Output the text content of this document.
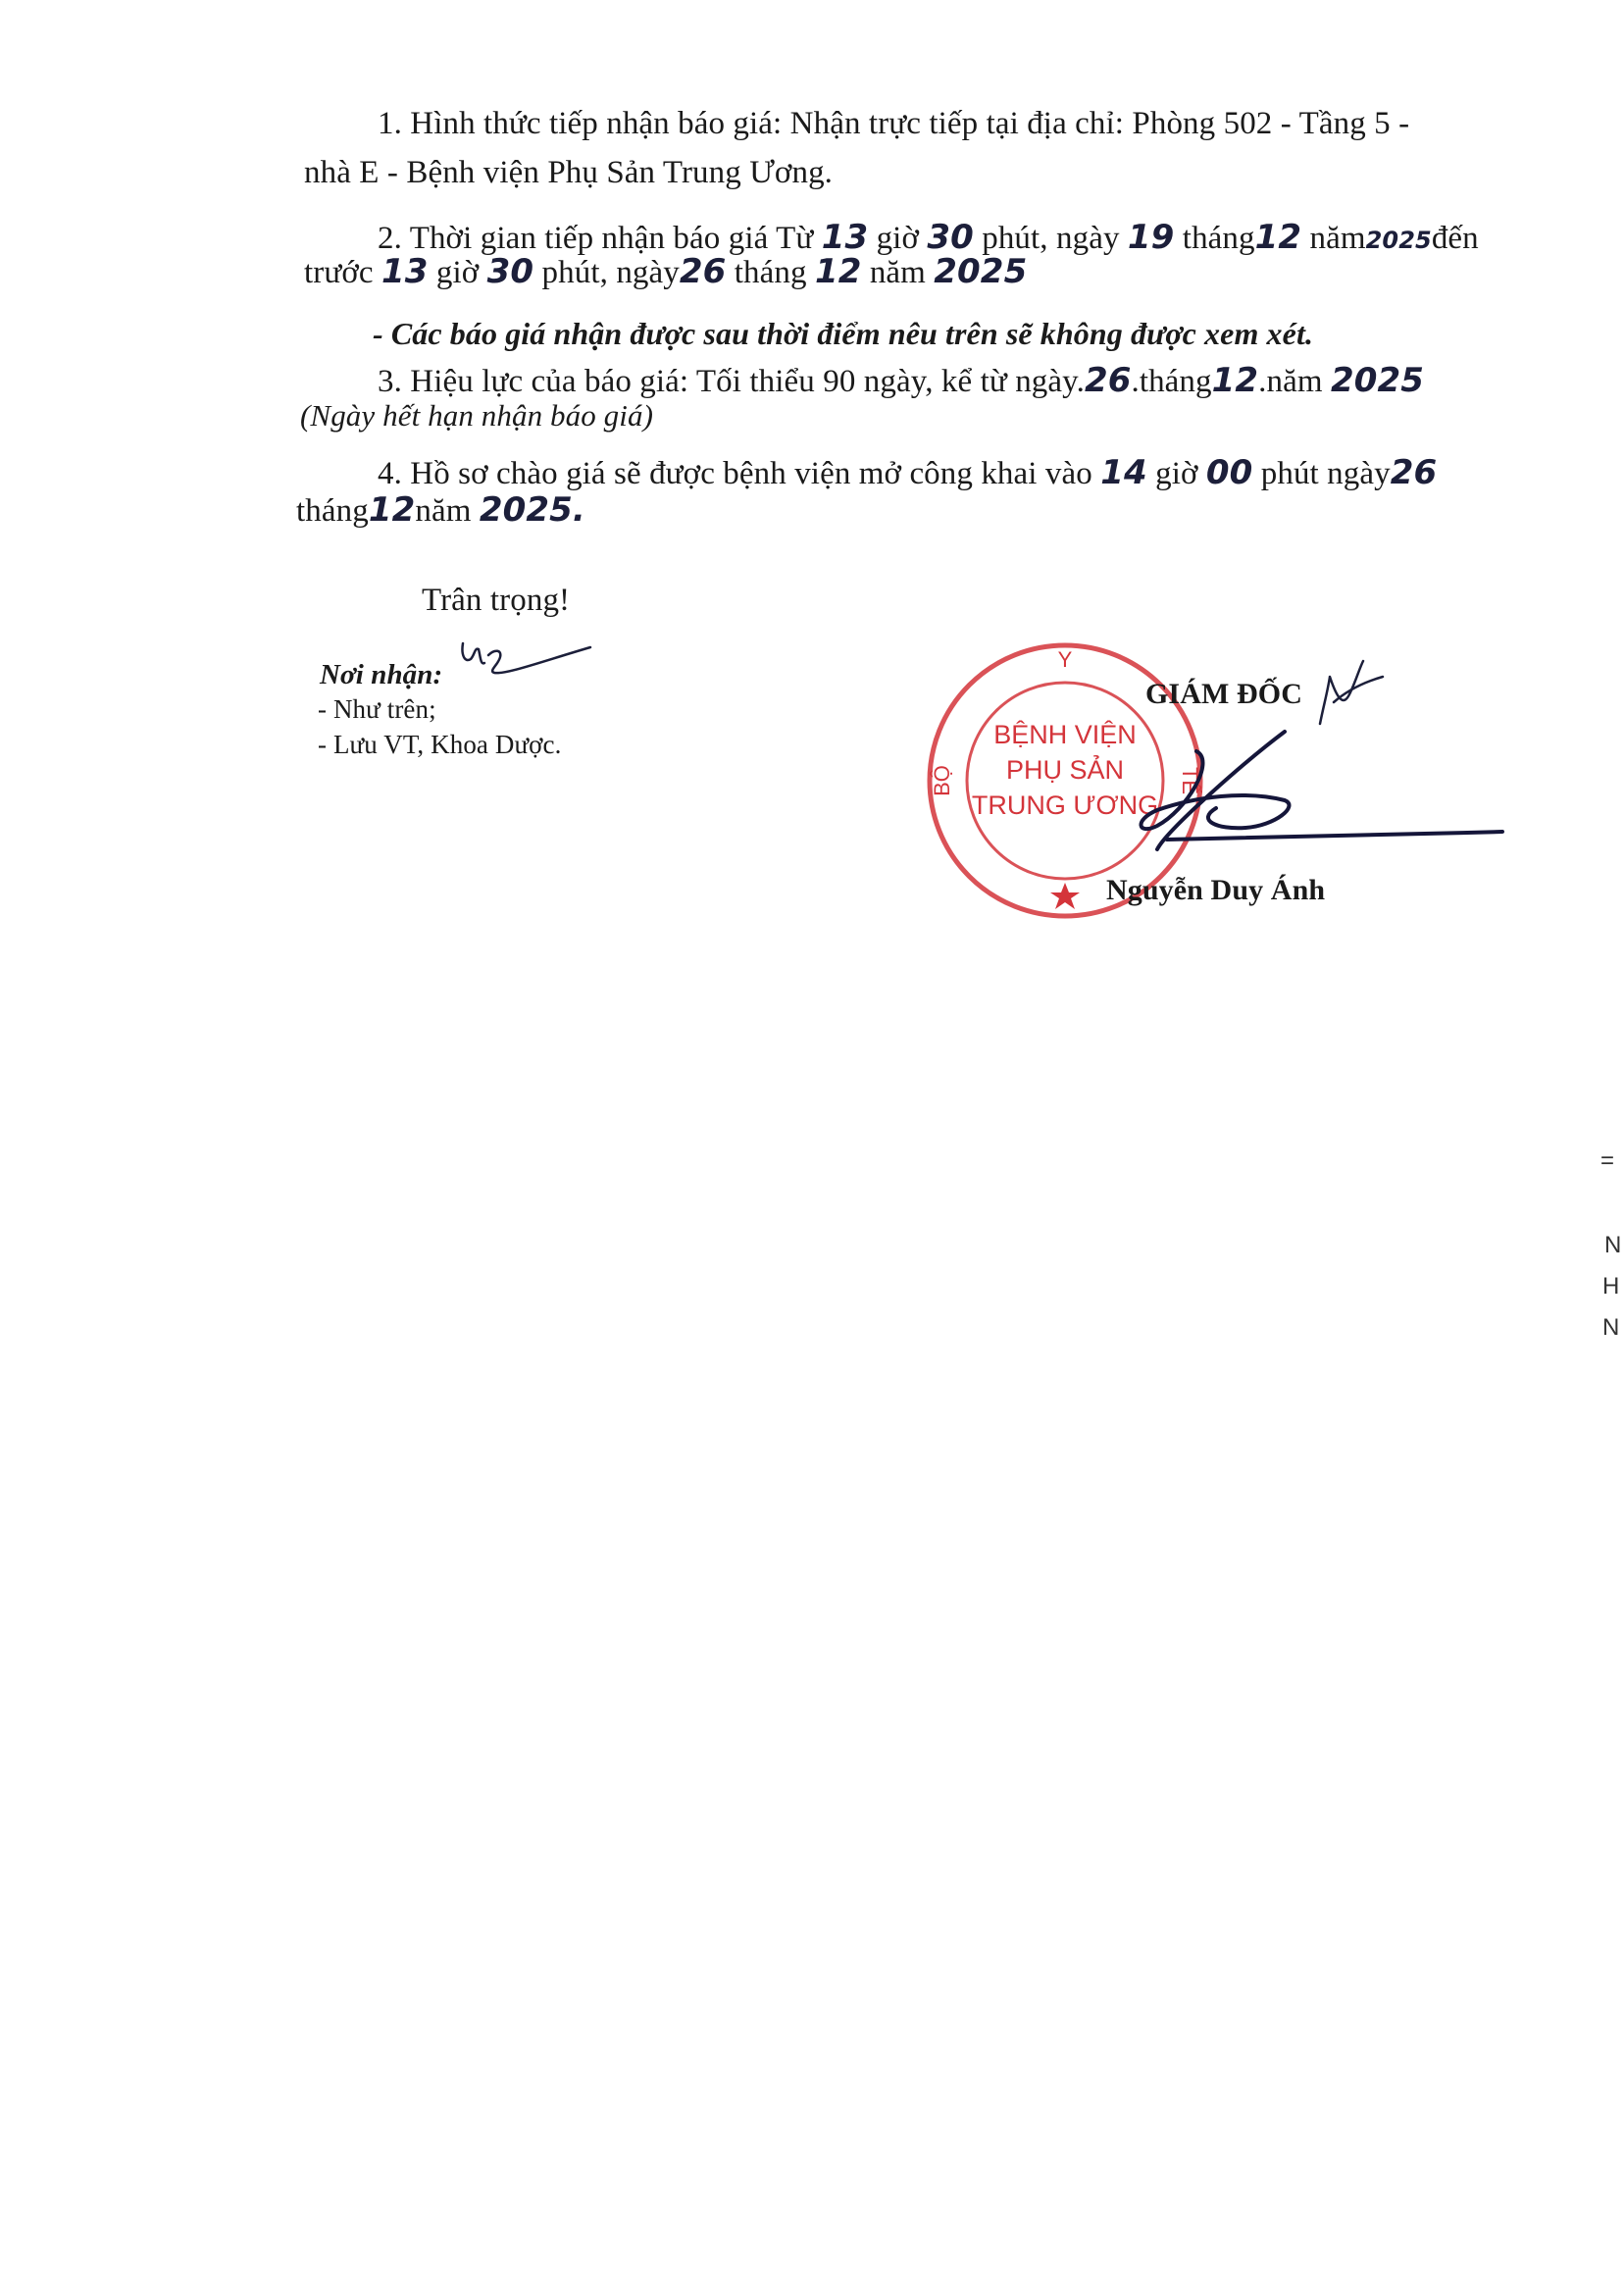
1. Hình thức tiếp nhận báo giá: Nhận trực tiếp tại địa chỉ: Phòng 502 - Tầng 5 -
nhà E - Bệnh viện Phụ Sản Trung Ương.
2. Thời gian tiếp nhận báo giá Từ 13 giờ 30 phút, ngày 19 tháng12 năm2025đến
trước 13 giờ 30 phút, ngày26 tháng 12 năm 2025
- Các báo giá nhận được sau thời điểm nêu trên sẽ không được xem xét.
3. Hiệu lực của báo giá: Tối thiểu 90 ngày, kể từ ngày.26.tháng12.năm 2025
(Ngày hết hạn nhận báo giá)
4. Hồ sơ chào giá sẽ được bệnh viện mở công khai vào 14 giờ 00 phút ngày26
tháng12năm 2025.
Trân trọng!
Nơi nhận:
- Như trên;
- Lưu VT, Khoa Dược.
Y
BỘ	TẾ
BỆNH VIỆN
PHỤ SẢN
TRUNG ƯƠNG
GIÁM ĐỐC
Nguyễn Duy Ánh
=
N
H
N
